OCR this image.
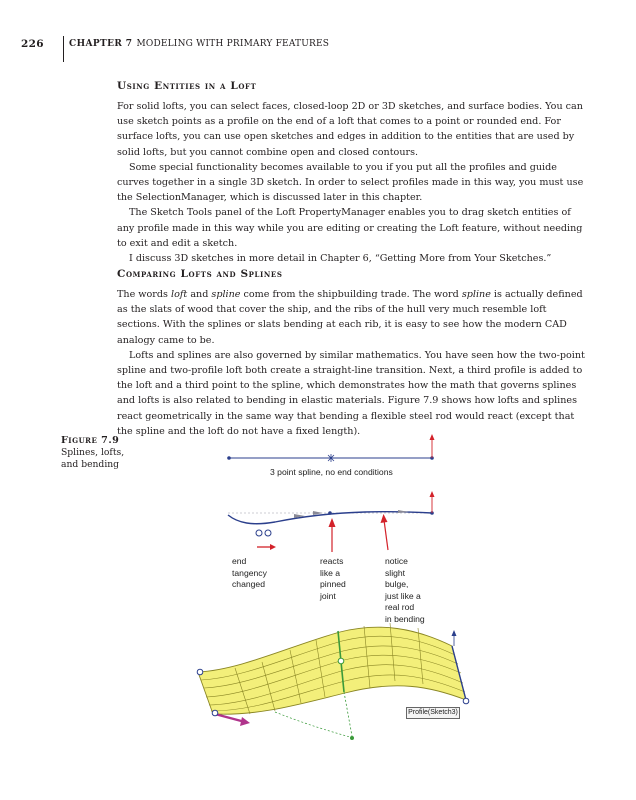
226	CHAPTER 7 MODELING WITH PRIMARY FEATURES
Using Entities in a Loft

For solid lofts, you can select faces, closed-loop 2D or 3D sketches, and surface bodies. You can use sketch points as a profile on the end of a loft that comes to a point or rounded end. For surface lofts, you can use open sketches and edges in addition to the entities that are used by solid lofts, but you cannot combine open and closed contours.

Some special functionality becomes available to you if you put all the profiles and guide curves together in a single 3D sketch. In order to select profiles made in this way, you must use the SelectionManager, which is discussed later in this chapter.

The Sketch Tools panel of the Loft PropertyManager enables you to drag sketch entities of any profile made in this way while you are editing or creating the Loft feature, without needing to exit and edit a sketch.

I discuss 3D sketches in more detail in Chapter 6, “Getting More from Your Sketches.”

Comparing Lofts and Splines

The words loft and spline come from the shipbuilding trade. The word spline is actually defined as the slats of wood that cover the ship, and the ribs of the hull very much resemble loft sections. With the splines or slats bending at each rib, it is easy to see how the modern CAD analogy came to be.

Lofts and splines are also governed by similar mathematics. You have seen how the two-point spline and two-profile loft both create a straight-line transition. Next, a third profile is added to the loft and a third point to the spline, which demonstrates how the math that governs splines and lofts is also related to bending in elastic materials. Figure 7.9 shows how lofts and splines react geometrically in the same way that bending a flexible steel rod would react (except that the spline and the loft do not have a fixed length).

Figure 7.9
Splines, lofts, and bending
3 point spline, no end conditions
end
tangency
changed
reacts
like a
pinned
joint
notice
slight
bulge,
just like a
real rod
in bending
Profile(Sketch3)
